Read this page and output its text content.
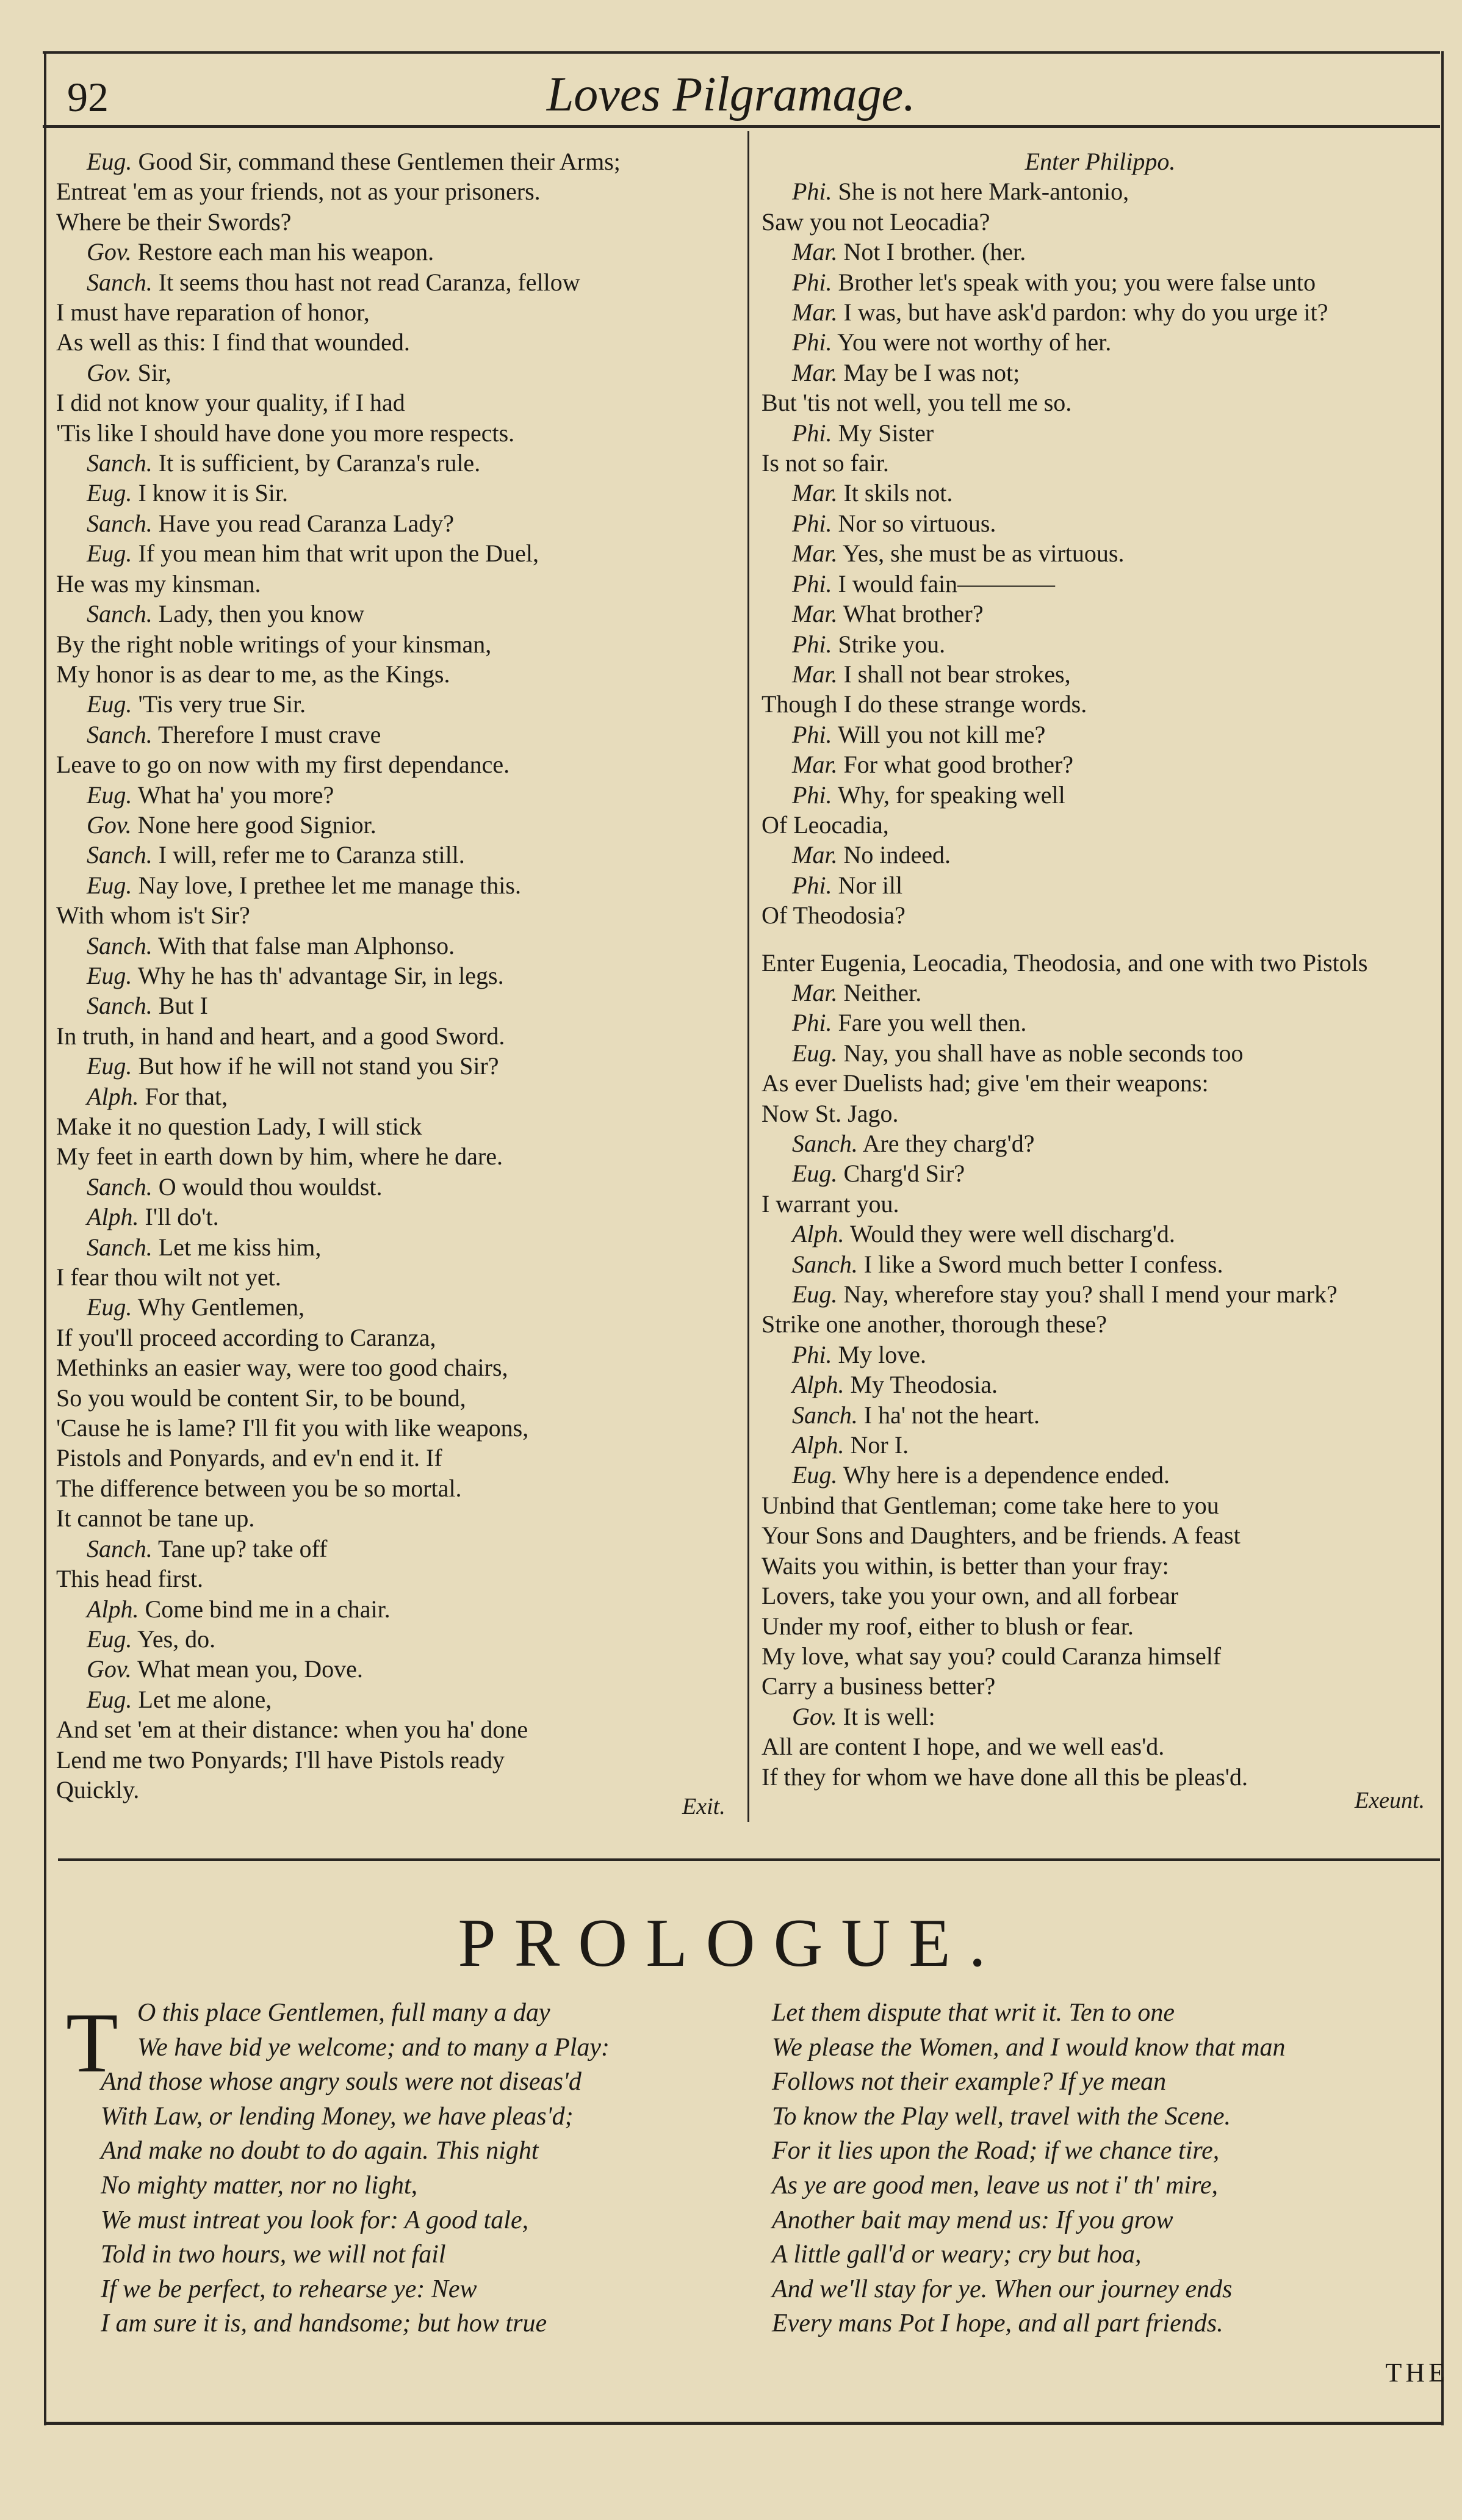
92	Loves Pilgramage.
Eug. Good Sir, command these Gentlemen their Arms;
Entreat 'em as your friends, not as your prisoners.
Where be their Swords?
Gov. Restore each man his weapon.
Sanch. It seems thou hast not read Caranza, fellow
I must have reparation of honor,
As well as this: I find that wounded.
Gov. Sir,
I did not know your quality, if I had
'Tis like I should have done you more respects.
Sanch. It is sufficient, by Caranza's rule.
Eug. I know it is Sir.
Sanch. Have you read Caranza Lady?
Eug. If you mean him that writ upon the Duel,
He was my kinsman.
Sanch. Lady, then you know
By the right noble writings of your kinsman,
My honor is as dear to me, as the Kings.
Eug. 'Tis very true Sir.
Sanch. Therefore I must crave
Leave to go on now with my first dependance.
Eug. What ha' you more?
Gov. None here good Signior.
Sanch. I will, refer me to Caranza still.
Eug. Nay love, I prethee let me manage this.
With whom is't Sir?
Sanch. With that false man Alphonso.
Eug. Why he has th' advantage Sir, in legs.
Sanch. But I
In truth, in hand and heart, and a good Sword.
Eug. But how if he will not stand you Sir?
Alph. For that,
Make it no question Lady, I will stick
My feet in earth down by him, where he dare.
Sanch. O would thou wouldst.
Alph. I'll do't.
Sanch. Let me kiss him,
I fear thou wilt not yet.
Eug. Why Gentlemen,
If you'll proceed according to Caranza,
Methinks an easier way, were too good chairs,
So you would be content Sir, to be bound,
'Cause he is lame? I'll fit you with like weapons,
Pistols and Ponyards, and ev'n end it. If
The difference between you be so mortal.
It cannot be tane up.
Sanch. Tane up? take off
This head first.
Alph. Come bind me in a chair.
Eug. Yes, do.
Gov. What mean you, Dove.
Eug. Let me alone,
And set 'em at their distance: when you ha' done
Lend me two Ponyards; I'll have Pistols ready
Quickly.
Exit.
Enter Philippo.
Phi. She is not here Mark-antonio,
Saw you not Leocadia?
Mar. Not I brother. (her.
Phi. Brother let's speak with you; you were false unto
Mar. I was, but have ask'd pardon: why do you urge it?
Phi. You were not worthy of her.
Mar. May be I was not;
But 'tis not well, you tell me so.
Phi. My Sister
Is not so fair.
Mar. It skils not.
Phi. Nor so virtuous.
Mar. Yes, she must be as virtuous.
Phi. I would fain————
Mar. What brother?
Phi. Strike you.
Mar. I shall not bear strokes,
Though I do these strange words.
Phi. Will you not kill me?
Mar. For what good brother?
Phi. Why, for speaking well
Of Leocadia,
Mar. No indeed.
Phi. Nor ill
Of Theodosia?

Enter Eugenia, Leocadia, Theodosia, and one with two Pistols
Mar. Neither.
Phi. Fare you well then.
Eug. Nay, you shall have as noble seconds too
As ever Duelists had; give 'em their weapons:
Now St. Jago.
Sanch. Are they charg'd?
Eug. Charg'd Sir?
I warrant you.
Alph. Would they were well discharg'd.
Sanch. I like a Sword much better I confess.
Eug. Nay, wherefore stay you? shall I mend your mark?
Strike one another, thorough these?
Phi. My love.
Alph. My Theodosia.
Sanch. I ha' not the heart.
Alph. Nor I.
Eug. Why here is a dependence ended.
Unbind that Gentleman; come take here to you
Your Sons and Daughters, and be friends. A feast
Waits you within, is better than your fray:
Lovers, take you your own, and all forbear
Under my roof, either to blush or fear.
My love, what say you? could Caranza himself
Carry a business better?
Gov. It is well:
All are content I hope, and we well eas'd.
If they for whom we have done all this be pleas'd.
Exeunt.
PROLOGUE.
T O this place Gentlemen, full many a day
We have bid ye welcome; and to many a Play:
And those whose angry souls were not diseas'd
With Law, or lending Money, we have pleas'd;
And make no doubt to do again. This night
No mighty matter, nor no light,
We must intreat you look for: A good tale,
Told in two hours, we will not fail
If we be perfect, to rehearse ye: New
I am sure it is, and handsome; but how true
Let them dispute that writ it. Ten to one
We please the Women, and I would know that man
Follows not their example? If ye mean
To know the Play well, travel with the Scene.
For it lies upon the Road; if we chance tire,
As ye are good men, leave us not i' th' mire,
Another bait may mend us: If you grow
A little gall'd or weary; cry but hoa,
And we'll stay for ye. When our journey ends
Every mans Pot I hope, and all part friends.
THE
